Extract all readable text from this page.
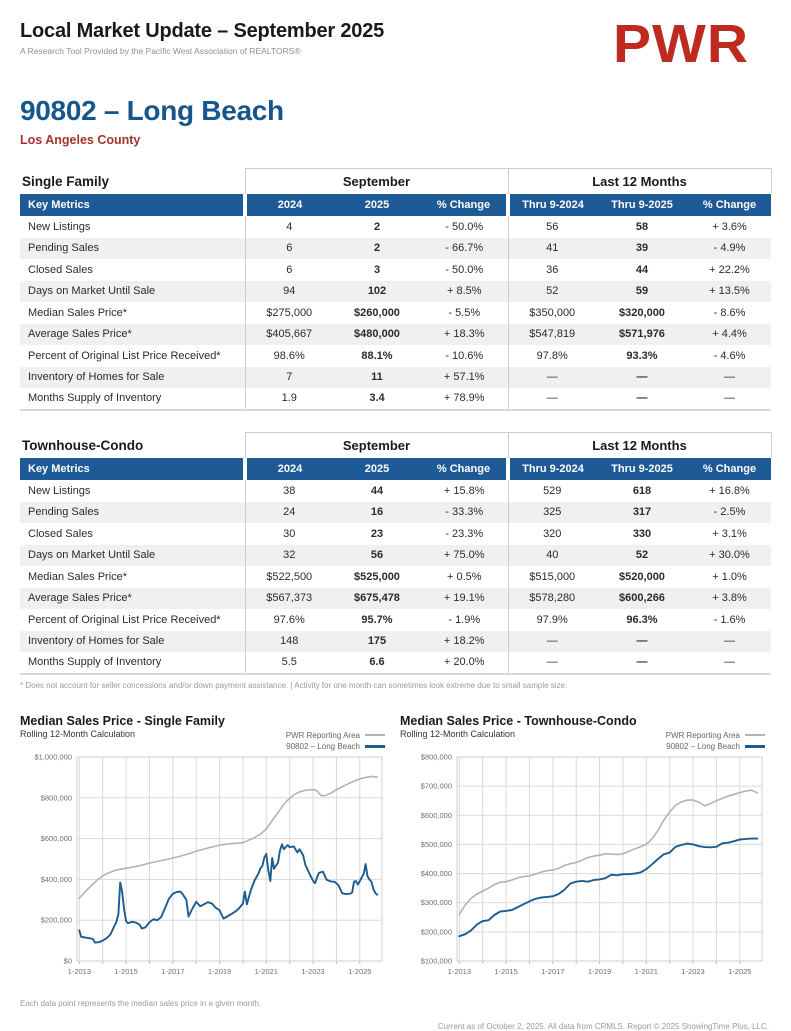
Local Market Update – September 2025
A Research Tool Provided by the Pacific West Association of REALTORS®	PWR
90802 – Long Beach
Los Angeles County
Single Family	September			Last 12 Months		
Key Metrics	2024	2025	% Change	Thru 9-2024	Thru 9-2025	% Change
New Listings	4	2	- 50.0%	56	58	+ 3.6%
Pending Sales	6	2	- 66.7%	41	39	- 4.9%
Closed Sales	6	3	- 50.0%	36	44	+ 22.2%
Days on Market Until Sale	94	102	+ 8.5%	52	59	+ 13.5%
Median Sales Price*	$275,000	$260,000	- 5.5%	$350,000	$320,000	- 8.6%
Average Sales Price*	$405,667	$480,000	+ 18.3%	$547,819	$571,976	+ 4.4%
Percent of Original List Price Received*	98.6%	88.1%	- 10.6%	97.8%	93.3%	- 4.6%
Inventory of Homes for Sale	7	11	+ 57.1%	—	—	—
Months Supply of Inventory	1.9	3.4	+ 78.9%	—	—	—
Townhouse-Condo	September			Last 12 Months		
Key Metrics	2024	2025	% Change	Thru 9-2024	Thru 9-2025	% Change
New Listings	38	44	+ 15.8%	529	618	+ 16.8%
Pending Sales	24	16	- 33.3%	325	317	- 2.5%
Closed Sales	30	23	- 23.3%	320	330	+ 3.1%
Days on Market Until Sale	32	56	+ 75.0%	40	52	+ 30.0%
Median Sales Price*	$522,500	$525,000	+ 0.5%	$515,000	$520,000	+ 1.0%
Average Sales Price*	$567,373	$675,478	+ 19.1%	$578,280	$600,266	+ 3.8%
Percent of Original List Price Received*	97.6%	95.7%	- 1.9%	97.9%	96.3%	- 1.6%
Inventory of Homes for Sale	148	175	+ 18.2%	—	—	—
Months Supply of Inventory	5.5	6.6	+ 20.0%	—	—	—
* Does not account for seller concessions and/or down payment assistance. | Activity for one month can sometimes look extreme due to small sample size.
Median Sales Price - Single Family
Rolling 12-Month Calculation	PWR Reporting Area
90802 – Long Beach
$0
$200,000
$400,000
$600,000
$800,000
$1,000,000
1-2013	1-2015	1-2017	1-2019	1-2021	1-2023	1-2025
Each data point represents the median sales price in a given month.
Median Sales Price - Townhouse-Condo
Rolling 12-Month Calculation	PWR Reporting Area
90802 – Long Beach
$100,000
$200,000
$300,000
$400,000
$500,000
$600,000
$700,000
$800,000
1-2013	1-2015	1-2017	1-2019	1-2021	1-2023	1-2025
Current as of October 2, 2025. All data from CRMLS. Report © 2025 ShowingTime Plus, LLC.
